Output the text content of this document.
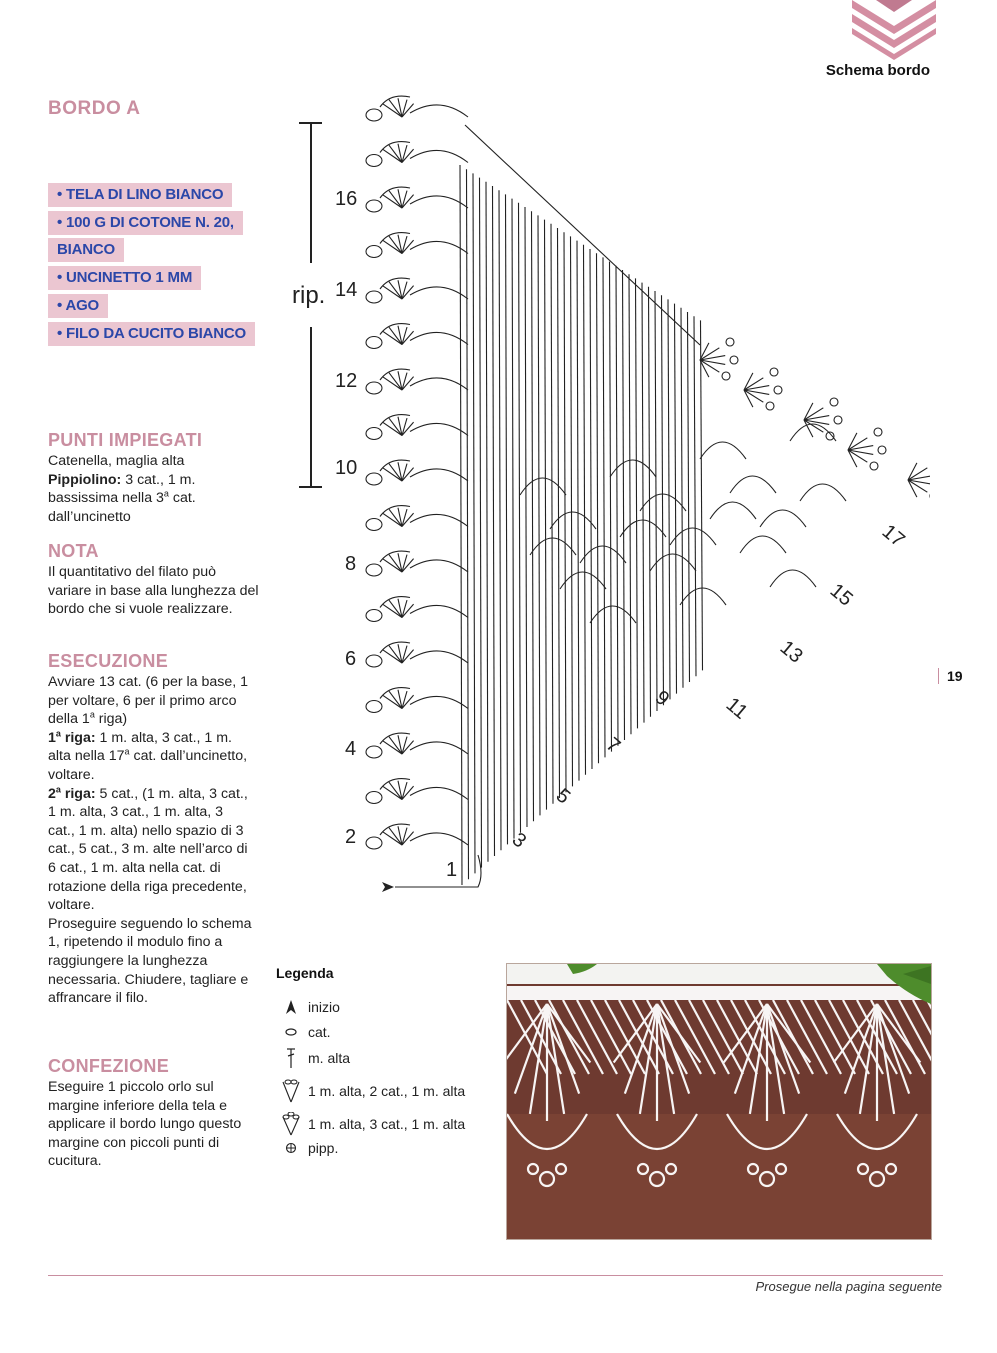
Schema bordo
BORDO A
• TELA DI LINO BIANCO
• 100 G DI COTONE N. 20,
BIANCO
• UNCINETTO 1 MM
• AGO
• FILO DA CUCITO BIANCO
PUNTI IMPIEGATI
Catenella, maglia alta
Pippiolino: 3 cat., 1 m. bassissima nella 3$^a$ cat. dall’uncinetto
NOTA
Il quantitativo del filato può variare in base alla lunghezza del bordo che si vuole realizzare.
ESECUZIONE
Avviare 13 cat. (6 per la base, 1 per voltare, 6 per il primo arco della 1$^a$ riga)
1$^a$ riga: 1 m. alta, 3 cat., 1 m. alta nella 17$^a$ cat. dall’uncinetto, voltare.
2$^a$ riga: 5 cat., (1 m. alta, 3 cat., 1 m. alta, 3 cat., 1 m. alta, 3 cat., 1 m. alta) nello spazio di 3 cat., 5 cat., 3 m. alte nell’arco di 6 cat., 1 m. alta nella cat. di rotazione della riga precedente, voltare.
Proseguire seguendo lo schema 1, ripetendo il modulo fino a raggiungere la lunghezza necessaria. Chiudere, tagliare e affrancare il filo.
CONFEZIONE
Eseguire 1 piccolo orlo sul margine inferiore della tela e applicare il bordo lungo questo margine con piccoli punti di cucitura.
rip.
16
14
12
10
8
6
4
2
1
3
5
7
9 11
13
15
17
19
Legenda
inizio
cat.
m. alta
1 m. alta, 2 cat., 1 m. alta
1 m. alta, 3 cat., 1 m. alta
pipp.
Prosegue nella pagina seguente
